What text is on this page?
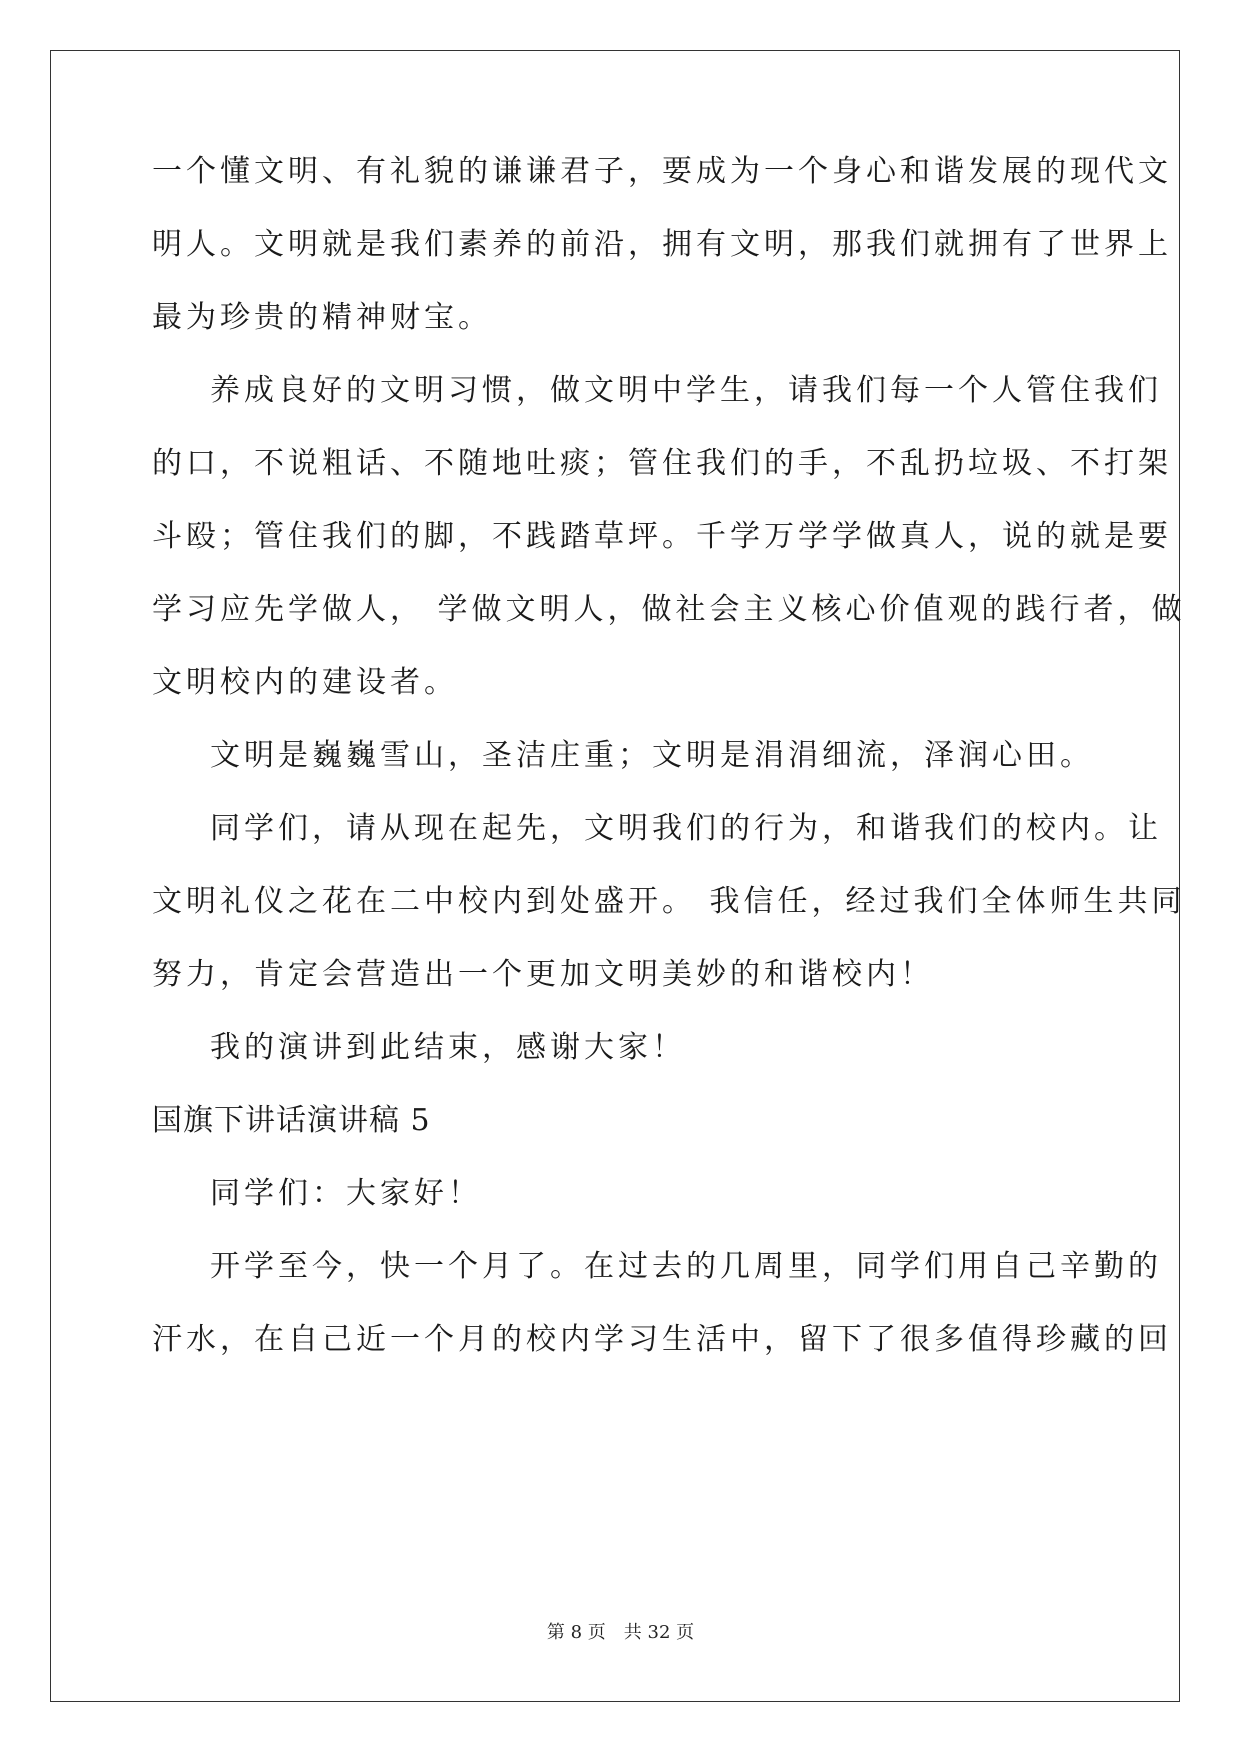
一个懂文明、有礼貌的谦谦君子，要成为一个身心和谐发展的现代文
明人。文明就是我们素养的前沿，拥有文明，那我们就拥有了世界上
最为珍贵的精神财宝。
养成良好的文明习惯，做文明中学生，请我们每一个人管住我们
的口，不说粗话、不随地吐痰；管住我们的手，不乱扔垃圾、不打架
斗殴；管住我们的脚，不践踏草坪。千学万学学做真人，说的就是要
学习应先学做人， 学做文明人，做社会主义核心价值观的践行者，做
文明校内的建设者。
文明是巍巍雪山，圣洁庄重；文明是涓涓细流，泽润心田。
同学们，请从现在起先，文明我们的行为，和谐我们的校内。让
文明礼仪之花在二中校内到处盛开。 我信任，经过我们全体师生共同
努力，肯定会营造出一个更加文明美妙的和谐校内！
我的演讲到此结束，感谢大家！
国旗下讲话演讲稿 5
同学们：大家好！
开学至今，快一个月了。在过去的几周里，同学们用自己辛勤的
汗水，在自己近一个月的校内学习生活中，留下了很多值得珍藏的回
第 8 页　共 32 页
